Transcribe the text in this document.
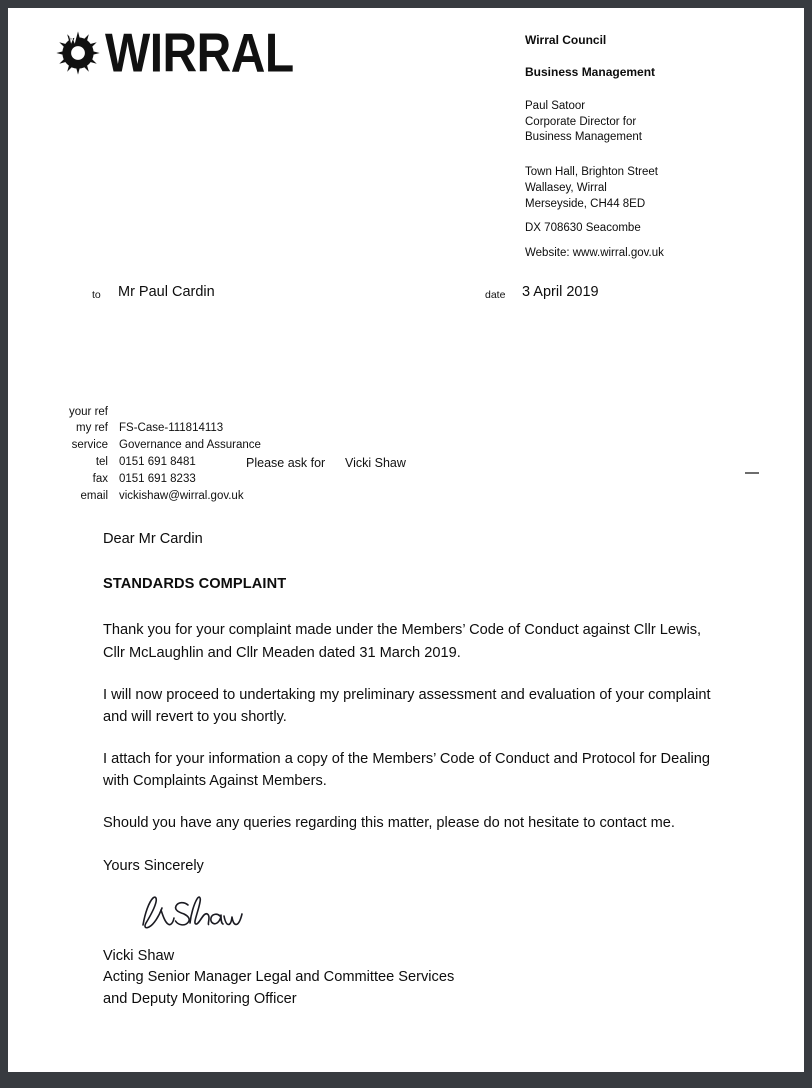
WIRRAL	Wirral Council
Business Management
Paul Satoor
Corporate Director for
Business Management
Town Hall, Brighton Street
Wallasey, Wirral
Merseyside, CH44 8ED
DX 708630 Seacombe
Website: www.wirral.gov.uk
to Mr Paul Cardin	date 3 April 2019
your ref
my ref FS-Case-111814113
service Governance and Assurance
tel 0151 691 8481	Please ask for Vicki Shaw
fax 0151 691 8233
email vickishaw@wirral.gov.uk

Dear Mr Cardin

STANDARDS COMPLAINT

Thank you for your complaint made under the Members’ Code of Conduct against Cllr Lewis, Cllr McLaughlin and Cllr Meaden dated 31 March 2019.

I will now proceed to undertaking my preliminary assessment and evaluation of your complaint and will revert to you shortly.

I attach for your information a copy of the Members’ Code of Conduct and Protocol for Dealing with Complaints Against Members.

Should you have any queries regarding this matter, please do not hesitate to contact me.

Yours Sincerely

Vicki Shaw
Acting Senior Manager Legal and Committee Services
and Deputy Monitoring Officer
